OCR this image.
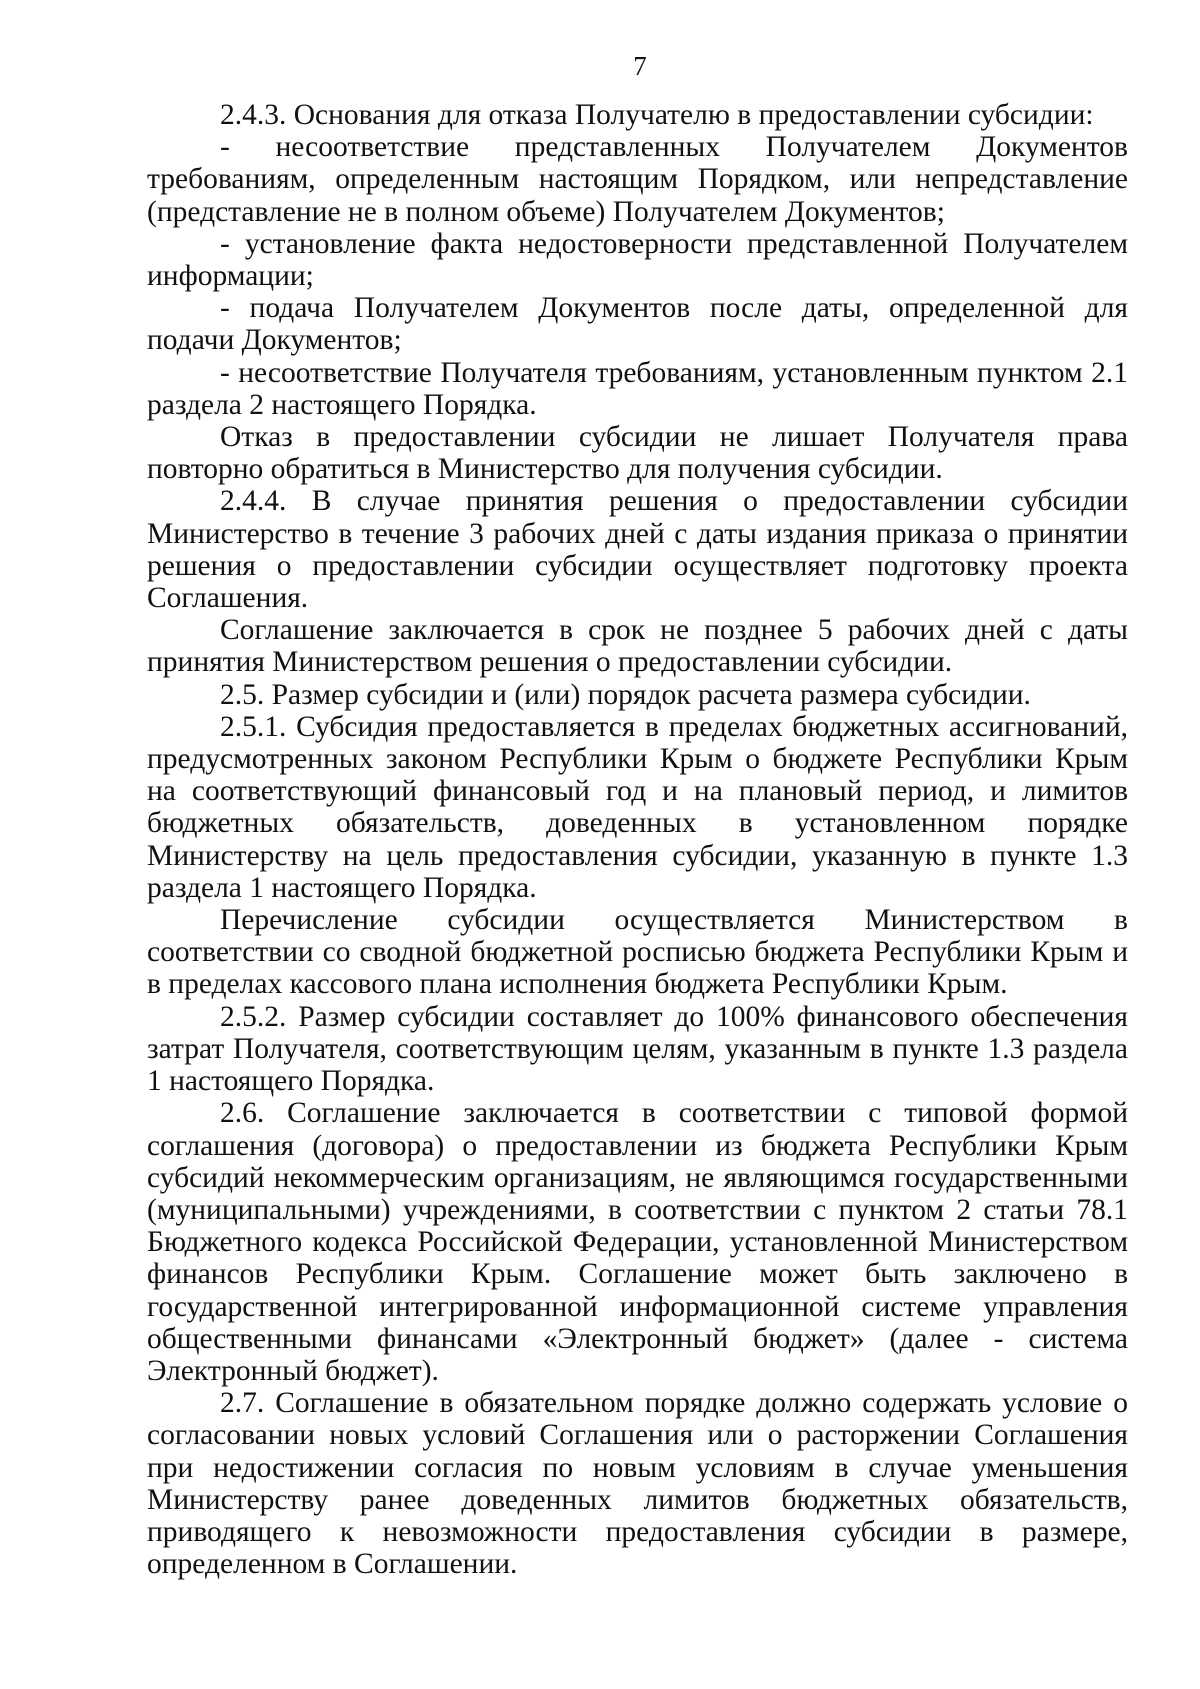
7

2.4.3. Основания для отказа Получателю в предоставлении субсидии:

- несоответствие представленных Получателем Документов требованиям, определенным настоящим Порядком, или непредставление (представление не в полном объеме) Получателем Документов;

- установление факта недостоверности представленной Получателем информации;

- подача Получателем Документов после даты, определенной для подачи Документов;

- несоответствие Получателя требованиям, установленным пунктом 2.1 раздела 2 настоящего Порядка.

Отказ в предоставлении субсидии не лишает Получателя права повторно обратиться в Министерство для получения субсидии.

2.4.4. В случае принятия решения о предоставлении субсидии Министерство в течение 3 рабочих дней с даты издания приказа о принятии решения о предоставлении субсидии осуществляет подготовку проекта Соглашения.

Соглашение заключается в срок не позднее 5 рабочих дней с даты принятия Министерством решения о предоставлении субсидии.

2.5. Размер субсидии и (или) порядок расчета размера субсидии.

2.5.1. Субсидия предоставляется в пределах бюджетных ассигнований, предусмотренных законом Республики Крым о бюджете Республики Крым на соответствующий финансовый год и на плановый период, и лимитов бюджетных обязательств, доведенных в установленном порядке Министерству на цель предоставления субсидии, указанную в пункте 1.3 раздела 1 настоящего Порядка.

Перечисление субсидии осуществляется Министерством в соответствии со сводной бюджетной росписью бюджета Республики Крым и в пределах кассового плана исполнения бюджета Республики Крым.

2.5.2. Размер субсидии составляет до 100% финансового обеспечения затрат Получателя, соответствующим целям, указанным в пункте 1.3 раздела 1 настоящего Порядка.

2.6. Соглашение заключается в соответствии с типовой формой соглашения (договора) о предоставлении из бюджета Республики Крым субсидий некоммерческим организациям, не являющимся государственными (муниципальными) учреждениями, в соответствии с пунктом 2 статьи 78.1 Бюджетного кодекса Российской Федерации, установленной Министерством финансов Республики Крым. Соглашение может быть заключено в государственной интегрированной информационной системе управления общественными финансами «Электронный бюджет» (далее - система Электронный бюджет).

2.7. Соглашение в обязательном порядке должно содержать условие о согласовании новых условий Соглашения или о расторжении Соглашения при недостижении согласия по новым условиям в случае уменьшения Министерству ранее доведенных лимитов бюджетных обязательств, приводящего к невозможности предоставления субсидии в размере, определенном в Соглашении.
